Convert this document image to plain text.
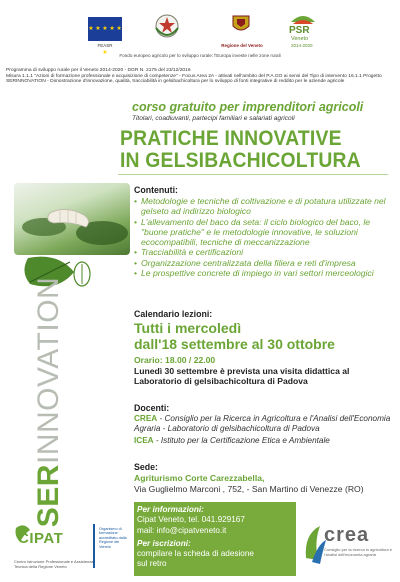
★ ★ ★ ★ ★ ★
FEASR	Regione del Veneto
PSR
Veneto
2014-2020
Fondo europeo agricolo per lo sviluppo rurale: l'Europa investe nelle zone rurali
Programma di sviluppo rurale per il Veneto 2014-2020 - DGR N. 2175 del 23/12/2016
Misura 1.1.1 "Azioni di formazione professionale e acquisizione di competenze" - Focus Area 2A - attivati nell'ambito del P.A.GO ai sensi del Tipo di intervento 16.1.1 Progetto SERINNOVATION - Dimostrazione d'innovazione, qualità, tracciabilità in gelsibachicoltura per lo sviluppo di fonti integrative di reddito per le aziende agricole
corso gratuito per imprenditori agricoli
Titolari, coadiuvanti, partecipi familiari e salariati agricoli
PRATICHE INNOVATIVE
IN GELSIBACHICOLTURA
SERINNOVATION
Contenuti:
• Metodologie e tecniche di coltivazione e di potatura utilizzate nel gelseto ad indirizzo biologico
• L'allevamento del baco da seta: il ciclo biologico del baco, le "buone pratiche" e le metodologie innovative, le soluzioni ecocompatibili, tecniche di meccanizzazione
• Tracciabilità e certificazioni
• Organizzazione centralizzata della filiera e reti d'impresa
• Le prospettive concrete di impiego in vari settori merceologici
Calendario lezioni:
Tutti i mercoledì
dall'18 settembre al 30 ottobre
Orario: 18.00 / 22.00
Lunedì 30 settembre è prevista una visita didattica al Laboratorio di gelsibachicoltura di Padova
Docenti:
CREA - Consiglio per la Ricerca in Agricoltura e l'Analisi dell'Economia Agraria - Laboratorio di gelsibachicoltura di Padova
ICEA - Istituto per la Certificazione Etica e Ambientale
Sede:
Agriturismo Corte Carezzabella,
Via Guglielmo Marconi , 752, - San Martino di Venezze (RO)
CIPAT
Centro Istruzione Professionale e Assistenza Tecnica della Regione Veneto
Organismo di formazione accreditato dalla Regione del Veneto
Per informazioni:
Cipat Veneto, tel. 041.929167
mail: info@cipatveneto.it
Per iscrizioni:
compilare la scheda di adesione
sul retro
crea
Consiglio per la ricerca in agricoltura e l'analisi dell'economia agraria
